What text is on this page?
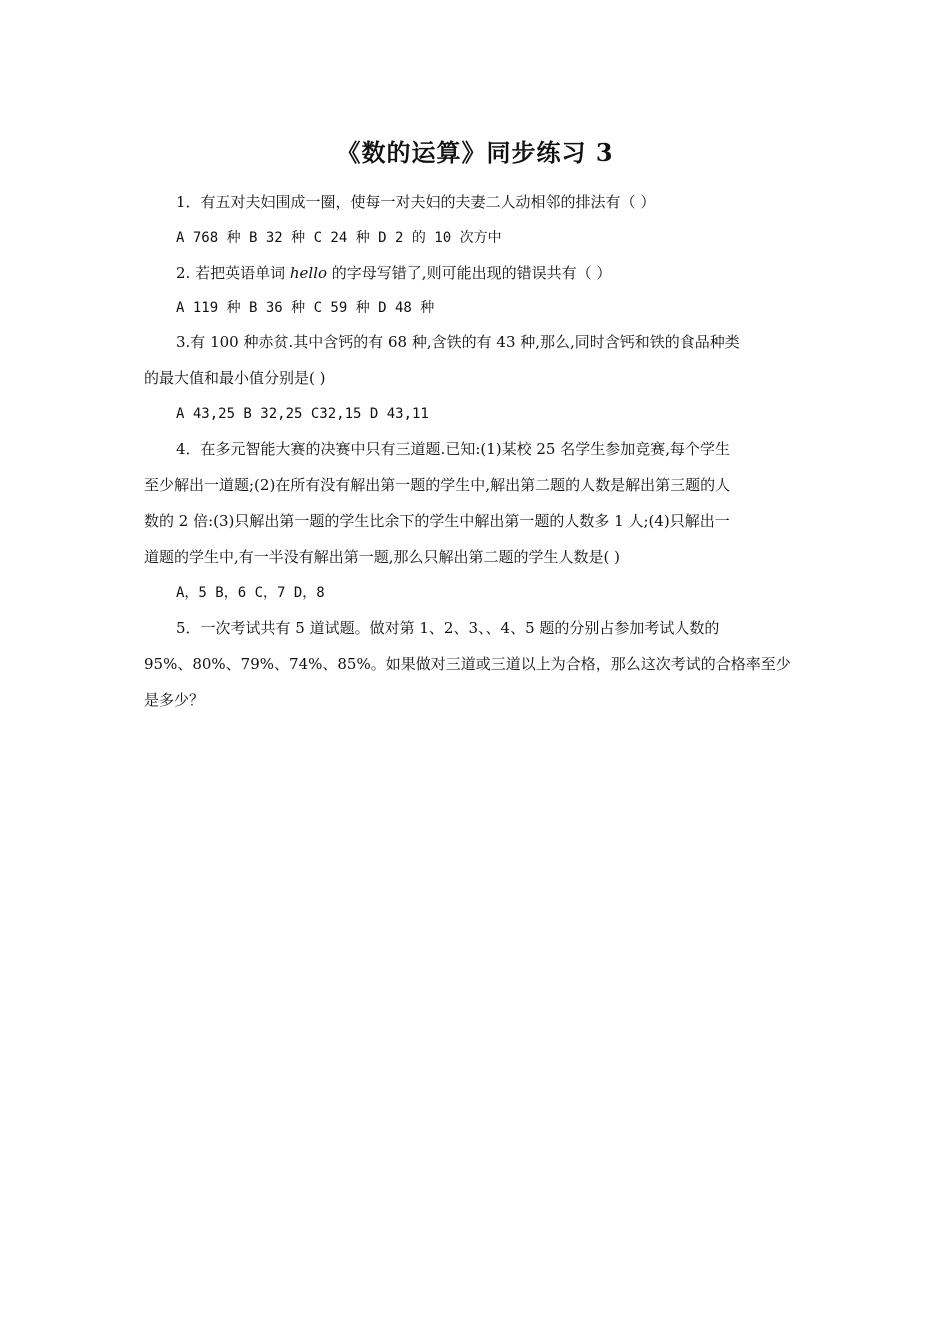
《数的运算》同步练习 3
1．有五对夫妇围成一圈，使每一对夫妇的夫妻二人动相邻的排法有（ ）
A 768 种 B 32 种 C 24 种 D 2 的 10 次方中
2. 若把英语单词 hello 的字母写错了,则可能出现的错误共有（ ）
A 119 种 B 36 种 C 59 种 D 48 种
3.有 100 种赤贫.其中含钙的有 68 种,含铁的有 43 种,那么,同时含钙和铁的食品种类
的最大值和最小值分别是( )
A 43,25 B 32,25 C32,15 D 43,11
4．在多元智能大赛的决赛中只有三道题.已知:(1)某校 25 名学生参加竞赛,每个学生
至少解出一道题;(2)在所有没有解出第一题的学生中,解出第二题的人数是解出第三题的人
数的 2 倍:(3)只解出第一题的学生比余下的学生中解出第一题的人数多 1 人;(4)只解出一
道题的学生中,有一半没有解出第一题,那么只解出第二题的学生人数是( )
A，5 B，6 C，7 D，8
5．一次考试共有 5 道试题。做对第 1、2、3、、4、5 题的分别占参加考试人数的
95%、80%、79%、74%、85%。如果做对三道或三道以上为合格，那么这次考试的合格率至少
是多少？
